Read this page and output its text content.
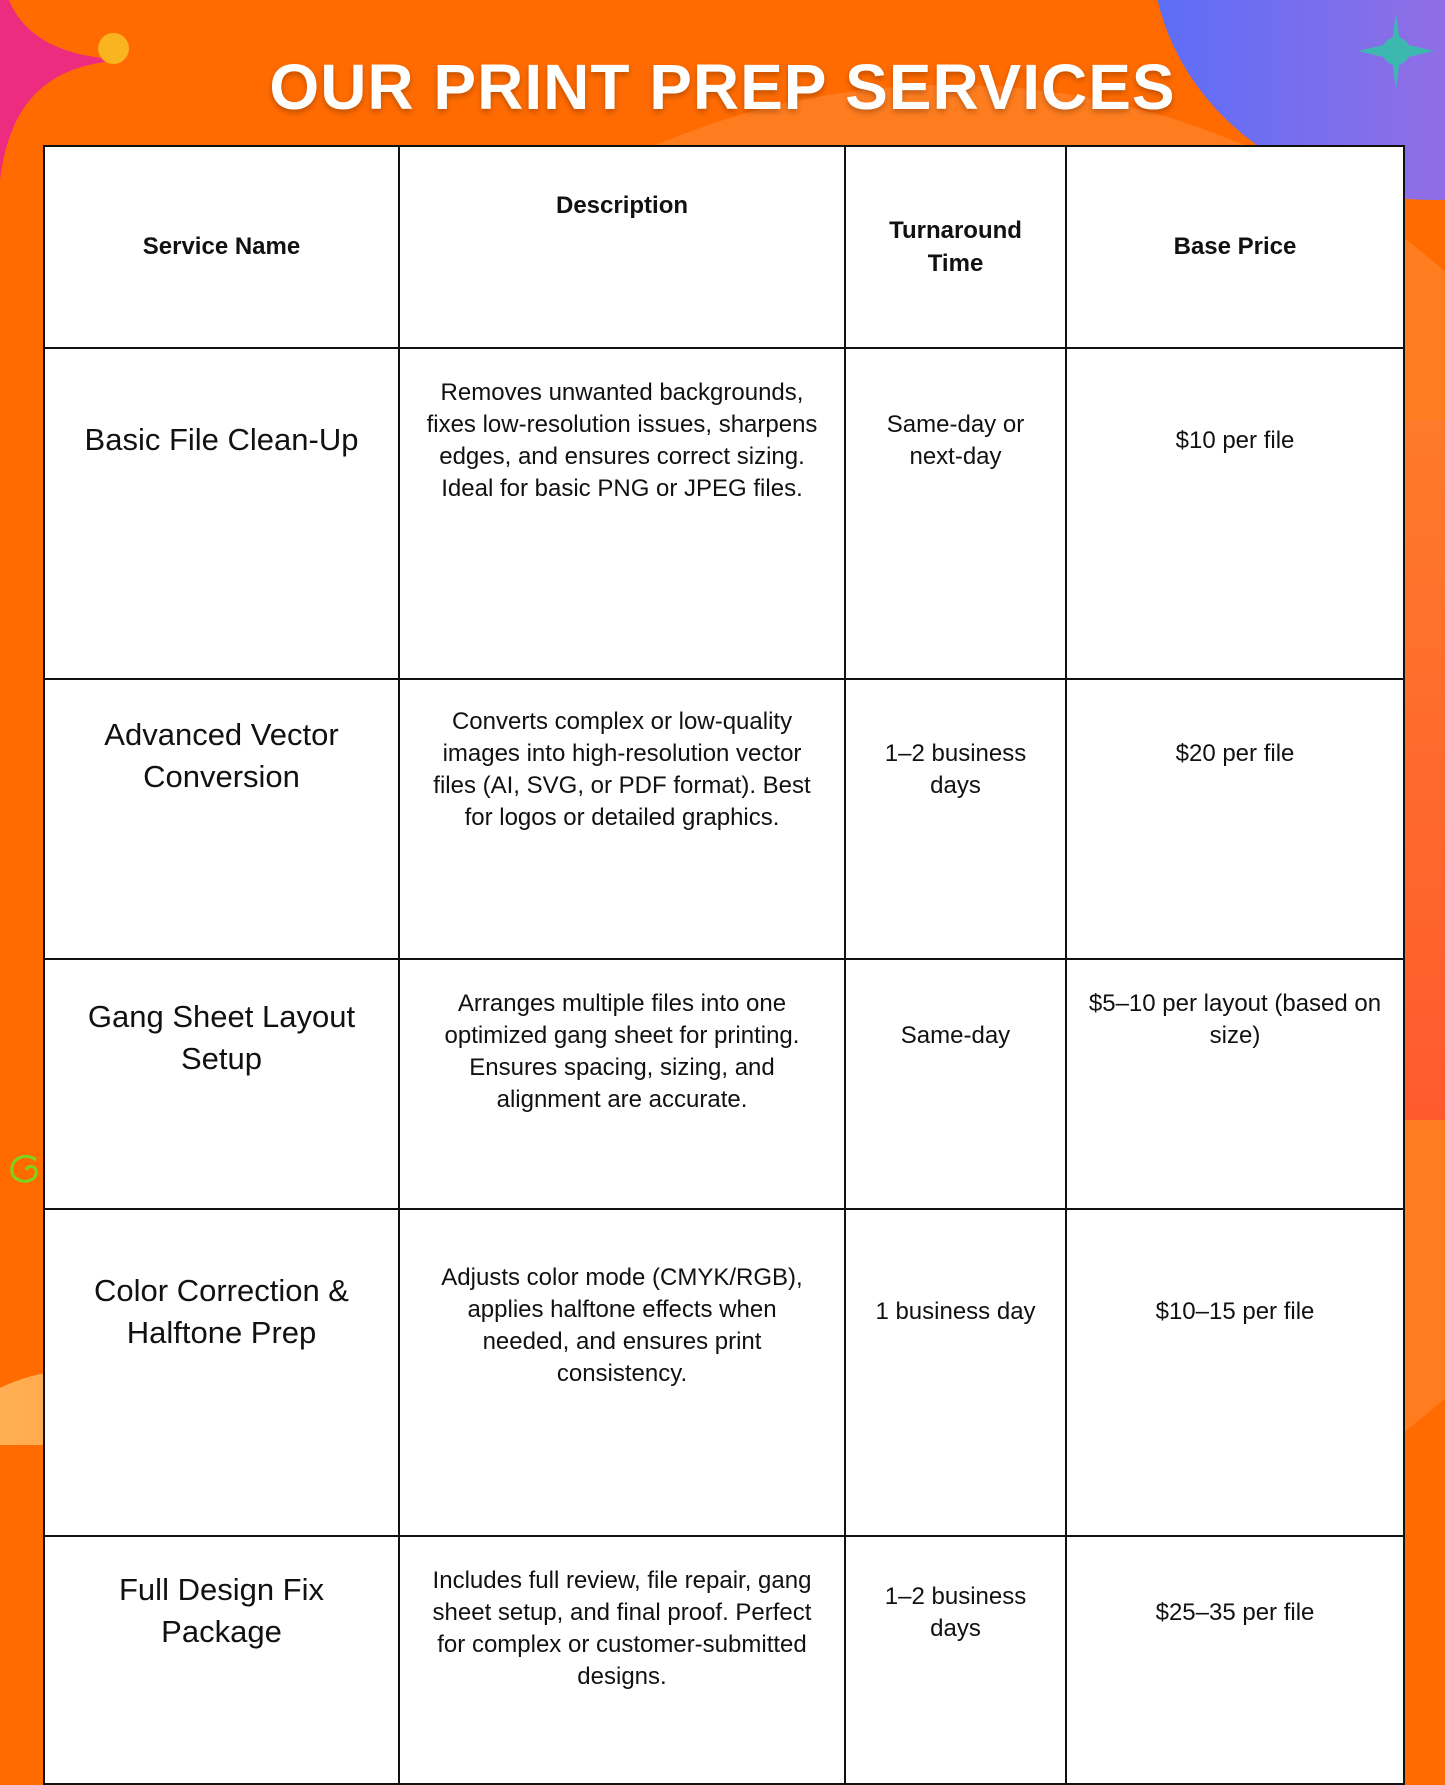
OUR PRINT PREP SERVICES
Service Name	Description	Turnaround Time	Base Price
Basic File Clean-Up	Removes unwanted backgrounds, fixes low-resolution issues, sharpens edges, and ensures correct sizing. Ideal for basic PNG or JPEG files.	Same-day or next-day	$10 per file
Advanced Vector Conversion	Converts complex or low-quality images into high-resolution vector files (AI, SVG, or PDF format). Best for logos or detailed graphics.	1–2 business days	$20 per file
Gang Sheet Layout Setup	Arranges multiple files into one optimized gang sheet for printing. Ensures spacing, sizing, and alignment are accurate.	Same-day	$5–10 per layout (based on size)
Color Correction & Halftone Prep	Adjusts color mode (CMYK/RGB), applies halftone effects when needed, and ensures print consistency.	1 business day	$10–15 per file
Full Design Fix Package	Includes full review, file repair, gang sheet setup, and final proof. Perfect for complex or customer-submitted designs.	1–2 business days	$25–35 per file
